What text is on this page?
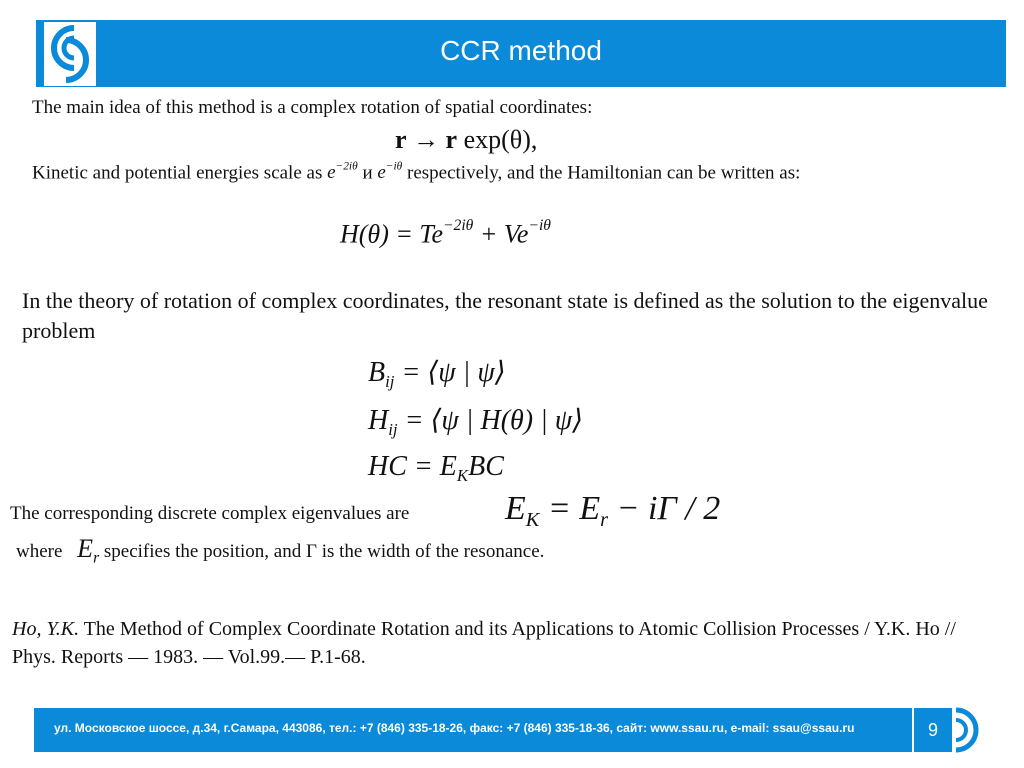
CCR method
The main idea of this method is a complex rotation of spatial coordinates:
r → r exp(θ),
Kinetic and potential energies scale as $e^{-2i\theta}$ и $e^{-i\theta}$ respectively, and the Hamiltonian can be written as:
$H(\theta) = Te^{-2i\theta} + Ve^{-i\theta}$
In the theory of rotation of complex coordinates, the resonant state is defined as the solution to the eigenvalue problem
$B_{ij}$ = ⟨ψ | ψ⟩
$H_{ij}$ = ⟨ψ | H(θ) | ψ⟩
HC = $E_KBC$
The corresponding discrete complex eigenvalues are	$E_K = E_r - i\Gamma / 2$
where $E_r$ specifies the position, and Γ is the width of the resonance.
Ho, Y.K. The Method of Complex Coordinate Rotation and its Applications to Atomic Collision Processes / Y.K. Ho // Phys. Reports — 1983. — Vol.99.— P.1-68.
ул. Московское шоссе, д.34, г.Самара, 443086, тел.: +7 (846) 335-18-26, факс: +7 (846) 335-18-36, сайт: www.ssau.ru, e-mail: ssau@ssau.ru	9
